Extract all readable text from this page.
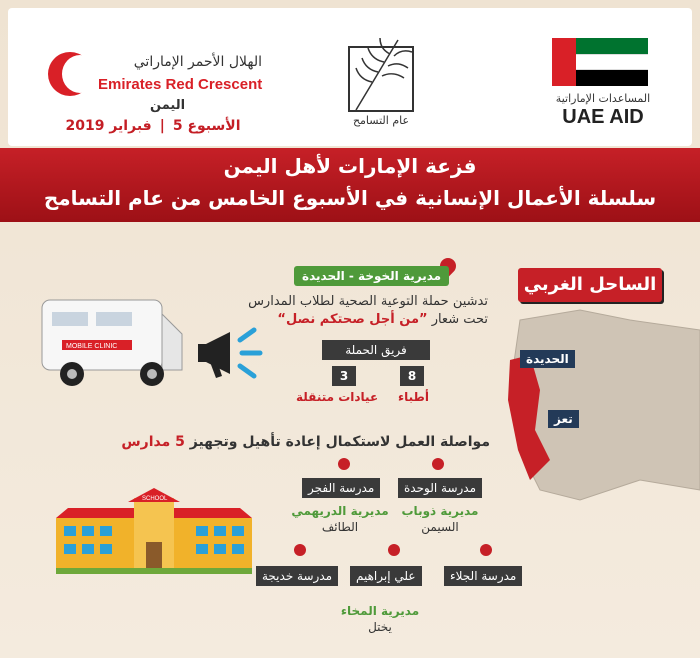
الهلال الأحمر الإماراتي
Emirates Red Crescent
اليمن
الأسبوع 5|فبراير 2019	عام التسامح
المساعدات الإماراتية
UAE AID
فزعة الإمارات لأهل اليمن
سلسلة الأعمال الإنسانية في الأسبوع الخامس من عام التسامح
MOBILE CLINIC
مديرية الخوخة - الحديدة
تدشين حملة التوعية الصحية لطلاب المدارس
تحت شعار ”من أجل صحتكم نصل“
فريق الحملة
8
3
أطباء
عيادات متنقلة
الساحل الغربي
الحديدة
تعز
مواصلة العمل لاستكمال إعادة تأهيل وتجهيز 5 مدارس
مدرسة الفجر	مدرسة الوحدة
مديرية الدريهمي
الطائف
مديرية ذوباب
السيمن
مدرسة خديجة	علي إبراهيم	مدرسة الجلاء
مديرية المخاء
يختل
SCHOOL
